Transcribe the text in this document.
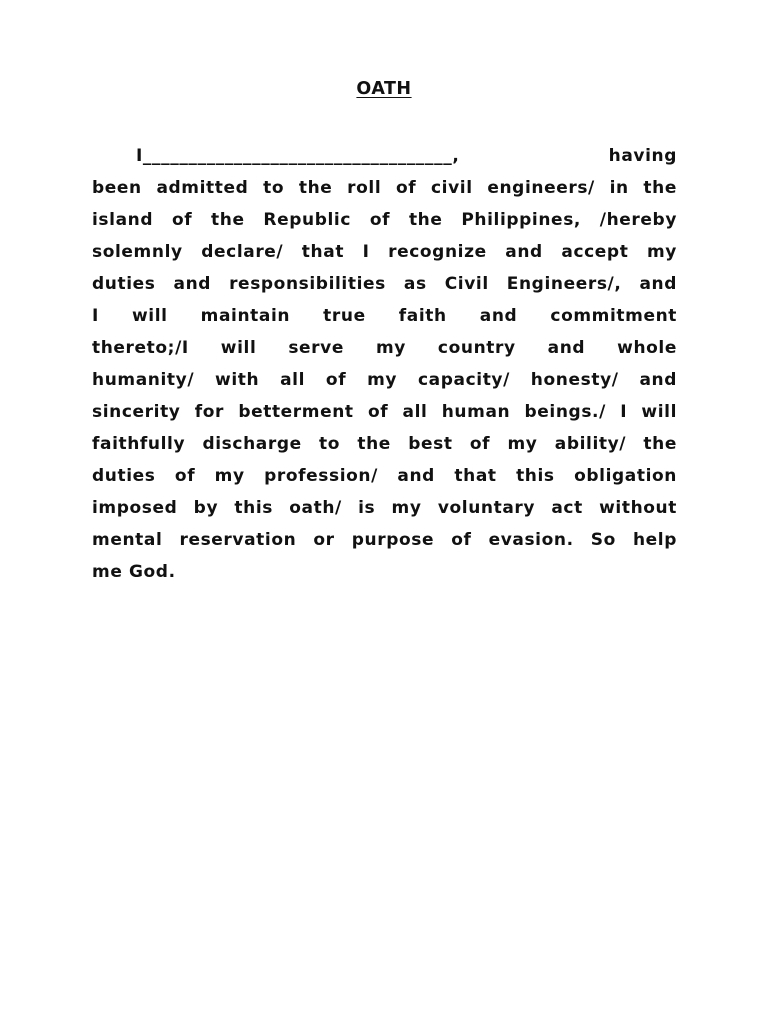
OATH
I__________________________________, having
been admitted to the roll of civil engineers/ in the
island of the Republic of the Philippines, /hereby
solemnly declare/ that I recognize and accept my
duties and responsibilities as Civil Engineers/, and
I will maintain true faith and commitment
thereto;/I will serve my country and whole
humanity/ with all of my capacity/ honesty/ and
sincerity for betterment of all human beings./ I will
faithfully discharge to the best of my ability/ the
duties of my profession/ and that this obligation
imposed by this oath/ is my voluntary act without
mental reservation or purpose of evasion. So help
me God.
